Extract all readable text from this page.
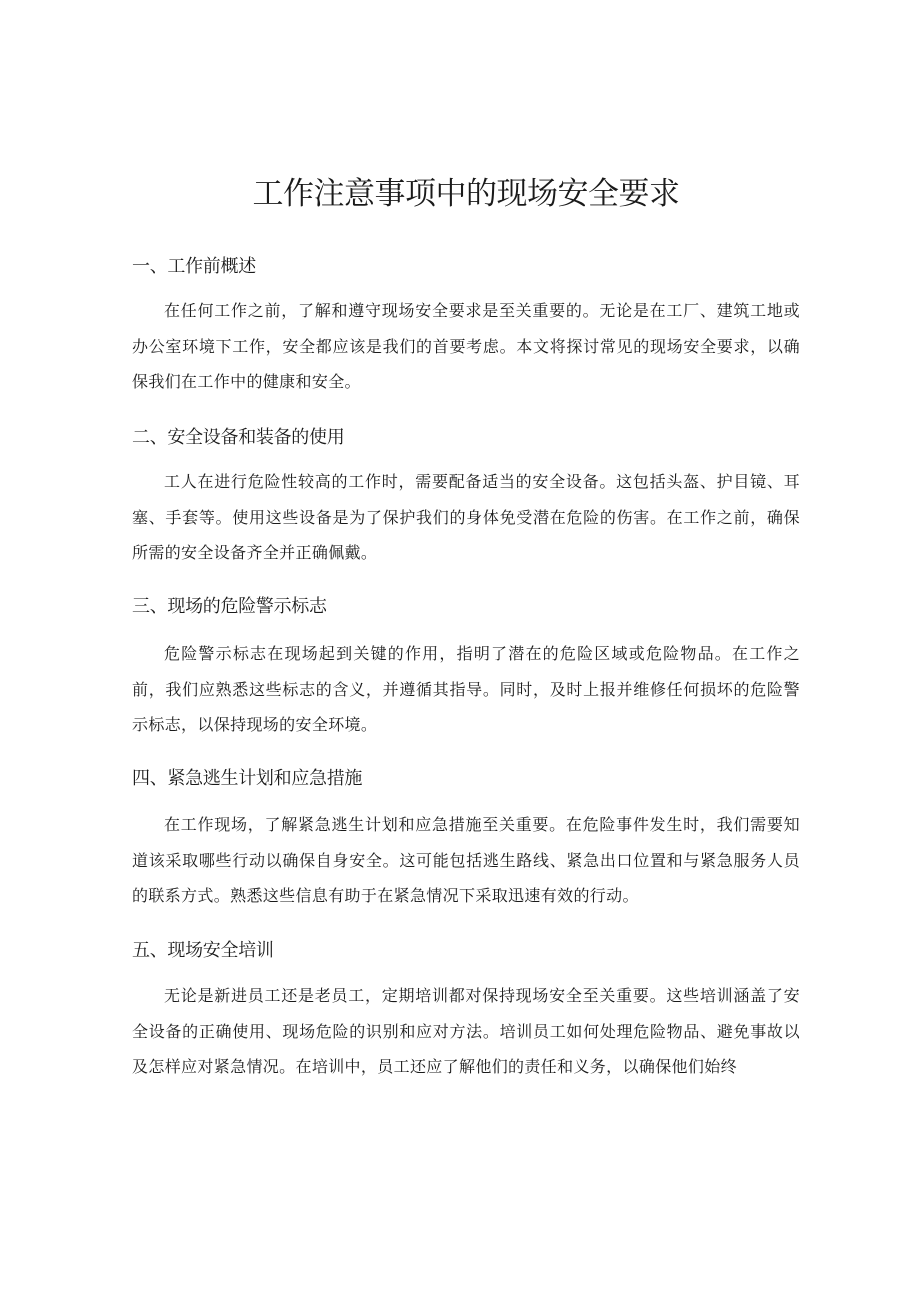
工作注意事项中的现场安全要求
一、工作前概述

在任何工作之前，了解和遵守现场安全要求是至关重要的。无论是在工厂、建筑工地或办公室环境下工作，安全都应该是我们的首要考虑。本文将探讨常见的现场安全要求，以确保我们在工作中的健康和安全。

二、安全设备和装备的使用

工人在进行危险性较高的工作时，需要配备适当的安全设备。这包括头盔、护目镜、耳塞、手套等。使用这些设备是为了保护我们的身体免受潜在危险的伤害。在工作之前，确保所需的安全设备齐全并正确佩戴。

三、现场的危险警示标志

危险警示标志在现场起到关键的作用，指明了潜在的危险区域或危险物品。在工作之前，我们应熟悉这些标志的含义，并遵循其指导。同时，及时上报并维修任何损坏的危险警示标志，以保持现场的安全环境。

四、紧急逃生计划和应急措施

在工作现场，了解紧急逃生计划和应急措施至关重要。在危险事件发生时，我们需要知道该采取哪些行动以确保自身安全。这可能包括逃生路线、紧急出口位置和与紧急服务人员的联系方式。熟悉这些信息有助于在紧急情况下采取迅速有效的行动。

五、现场安全培训

无论是新进员工还是老员工，定期培训都对保持现场安全至关重要。这些培训涵盖了安全设备的正确使用、现场危险的识别和应对方法。培训员工如何处理危险物品、避免事故以及怎样应对紧急情况。在培训中，员工还应了解他们的责任和义务，以确保他们始终
